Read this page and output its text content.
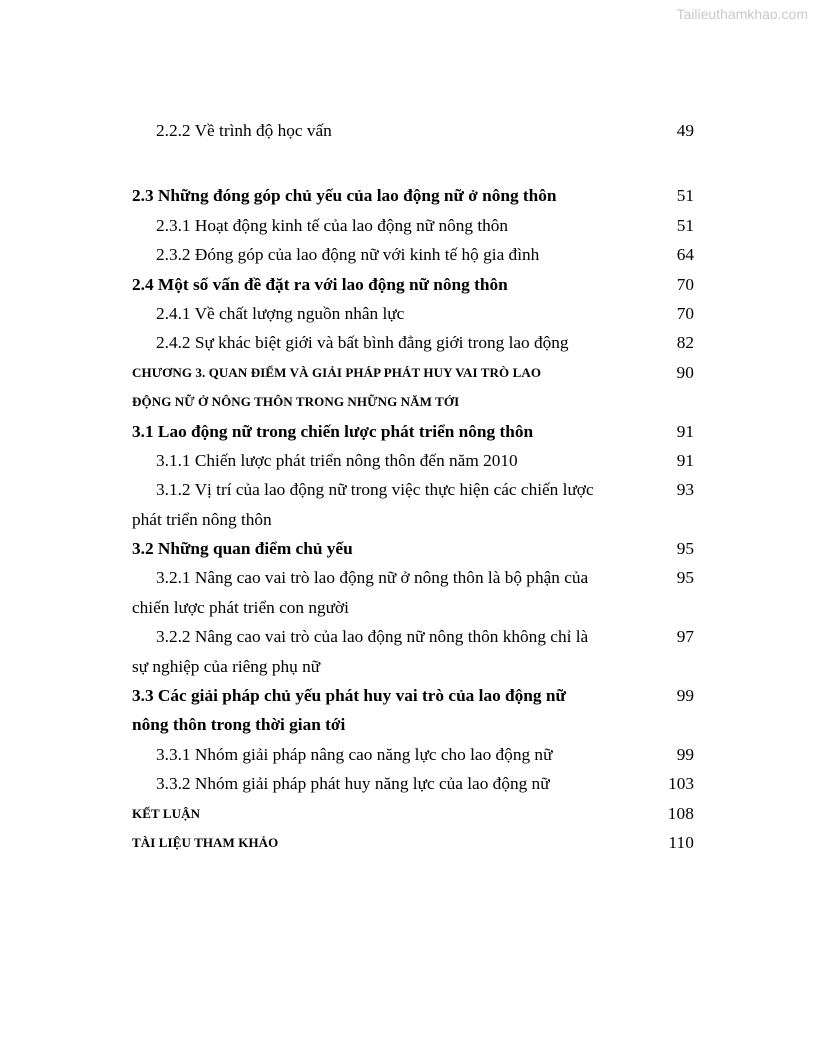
Tailieuthamkhao.com
2.2.2 Về trình độ học vấn	49
2.3 Những đóng góp chủ yếu của lao động nữ ở nông thôn	51
2.3.1 Hoạt động kinh tế của lao động nữ nông thôn	51
2.3.2 Đóng góp của lao động nữ với kinh tế hộ gia đình	64
2.4 Một số vấn đề đặt ra với lao động nữ nông thôn	70
2.4.1 Về chất lượng nguồn nhân lực	70
2.4.2 Sự khác biệt giới và bất bình đẳng giới trong lao động	82
CHƯƠNG 3. QUAN ĐIỂM VÀ GIẢI PHÁP PHÁT HUY VAI TRÒ LAO	90
ĐỘNG NỮ Ở NÔNG THÔN TRONG NHỮNG NĂM TỚI
3.1 Lao động nữ trong chiến lược phát triển nông thôn	91
3.1.1 Chiến lược phát triển nông thôn đến năm 2010	91
3.1.2 Vị trí của lao động nữ trong việc thực hiện các chiến lược	93
phát triển nông thôn
3.2 Những quan điểm chủ yếu	95
3.2.1 Nâng cao vai trò lao động nữ ở nông thôn là bộ phận của	95
chiến lược phát triển con người
3.2.2 Nâng cao vai trò của lao động nữ nông thôn không chỉ là	97
sự nghiệp của riêng phụ nữ
3.3 Các giải pháp chủ yếu phát huy vai trò của lao động nữ	99
nông thôn trong thời gian tới
3.3.1 Nhóm giải pháp nâng cao năng lực cho lao động nữ	99
3.3.2 Nhóm giải pháp phát huy năng lực của lao động nữ	103
KẾT LUẬN	108
TÀI LIỆU THAM KHẢO	110
